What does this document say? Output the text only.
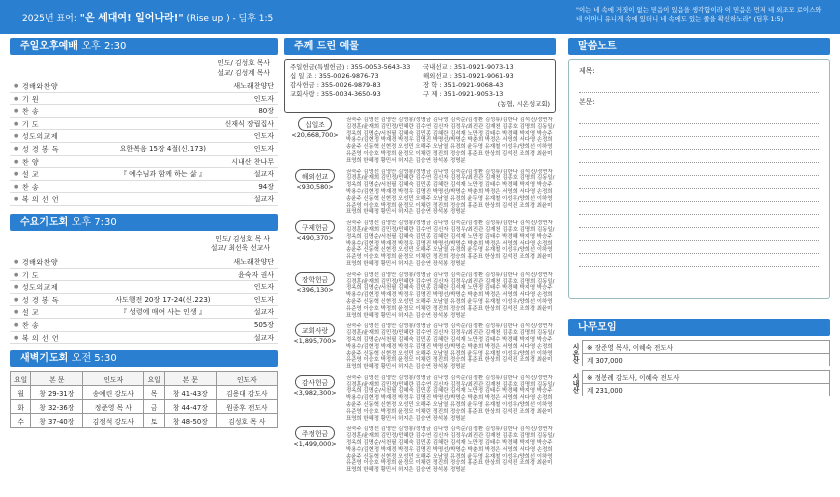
2025년 표어: "온 세대여! 일어나라!" (Rise up ) - 딤후 1:5
"이는 네 속에 거짓이 없는 믿음이 있음을 생각함이라 이 믿음은 먼저 네 외조모 로이스와 네 어머니 유니게 속에 있더니 네 속에도 있는 줄을 확신하노라" (딤후 1:5)
주일오후예배 오후 2:30
인도/ 김성호 목사
설교/ 김성계 목사
● 경배와찬양	새노래찬양단
● 기 원	인도자
● 찬 송	80장
● 기 도	신재식 장립집사
● 성도의교제	인도자
● 성 경 봉 독	요한복음 15장 4절(신.173)	인도자
● 찬 양	시내산 찬나무
● 설 교	『 예수님과 함께 하는 삶 』	설교자
● 찬 송	94장
● 복 의 선 언	설교자
수요기도회 오후 7:30
인도/ 김성호 목 사
설교/ 최선욱 선교사
● 경배와찬양	새노래찬양단
● 기 도	윤숙자 권사
● 성도의교제	인도자
● 성 경 봉 독	사도행전 20장 17-24(신.223)	인도자
● 설 교	『 성령에 매여 사는 인생 』	설교자
● 찬 송	505장
● 복 의 선 언	설교자
새벽기도회 오전 5:30
요일	본 문	인도자	요일	본 문	인도자
월	창 29-31장	송예린 강도사	목	창 41-43장	김용대 강도사
화	창 32-36장	정준영 목 사	금	창 44-47장	원종후 전도사
수	창 37-40장	김정석 강도사	토	창 48-50장	김성호 목 사
주께 드린 예물
주일헌금(특별헌금) : 355-0053-5643-33	국내선교 : 351-0921-9073-13
십 일 조 : 355-0026-9876-73	해외선교 : 351-0921-9061-93
감사헌금 : 355-0026-9879-83	장 학 : 351-0921-9068-43
교회사랑 : 355-0034-3650-93	구 제 : 351-0921-9053-13
(농협, 시온성교회)
십일조
<20,668,700>
권숙주 김영선 김영만 김영봉/정명금 김나영 김죽순/김정환 김성류/김한나 김석진/정연자 김경훈/윤재희 김민정/민혜란 김수연 김신자 김정우/최진관 김재천 김종호 김명희 김동일/정옥희 김명순/서천필 김혜숙 김민종 김혜란 김석재 노만정 김태수 박경혜 박지영 박승주 박용수/김현정 박재경 박정우 김명진 박명선/박명순 박춘희 박정은 서영희 서다영 손정희 송윤주 신동혁 신현정 오성민 오해주 오남열 유경희 윤두영 유재철 이성우/양희선 이하영 유준영 이승호 박정희 윤정모 이채린 정진희 정승희 홍준표 한상희 김석진 조희경 최윤미 표영희 한혜정 황민서 허지은 김승연 장석봉 정명분
해외선교
<930,580>
권숙주 김영선 김영만 김영봉/정명금 김나영 김죽순/김정환 김성류/김한나 김석진/정연자 김경훈/윤재희 김민정/민혜란 김수연 김신자 김정우/최진관 김재천 김종호 김명희 김동일/정옥희 김명순/서천필 김혜숙 김민종 김혜란 김석재 노만정 김태수 박경혜 박지영 박승주 박용수/김현정 박재경 박정우 김명진 박명선/박명순 박춘희 박정은 서영희 서다영 손정희 송윤주 신동혁 신현정 오성민 오해주 오남열 유경희 윤두영 유재철 이성우/양희선 이하영 유준영 이승호 박정희 윤정모 이채린 정진희 정승희 홍준표 한상희 김석진 조희경 최윤미 표영희 한혜정 황민서 허지은 김승연 장석봉 정명분
구제헌금
<490,370>
권숙주 김영선 김영만 김영봉/정명금 김나영 김죽순/김정환 김성류/김한나 김석진/정연자 김경훈/윤재희 김민정/민혜란 김수연 김신자 김정우/최진관 김재천 김종호 김명희 김동일/정옥희 김명순/서천필 김혜숙 김민종 김혜란 김석재 노만정 김태수 박경혜 박지영 박승주 박용수/김현정 박재경 박정우 김명진 박명선/박명순 박춘희 박정은 서영희 서다영 손정희 송윤주 신동혁 신현정 오성민 오해주 오남열 유경희 윤두영 유재철 이성우/양희선 이하영 유준영 이승호 박정희 윤정모 이채린 정진희 정승희 홍준표 한상희 김석진 조희경 최윤미 표영희 한혜정 황민서 허지은 김승연 장석봉 정명분
장학헌금
<396,130>
권숙주 김영선 김영만 김영봉/정명금 김나영 김죽순/김정환 김성류/김한나 김석진/정연자 김경훈/윤재희 김민정/민혜란 김수연 김신자 김정우/최진관 김재천 김종호 김명희 김동일/정옥희 김명순/서천필 김혜숙 김민종 김혜란 김석재 노만정 김태수 박경혜 박지영 박승주 박용수/김현정 박재경 박정우 김명진 박명선/박명순 박춘희 박정은 서영희 서다영 손정희 송윤주 신동혁 신현정 오성민 오해주 오남열 유경희 윤두영 유재철 이성우/양희선 이하영 유준영 이승호 박정희 윤정모 이채린 정진희 정승희 홍준표 한상희 김석진 조희경 최윤미 표영희 한혜정 황민서 허지은 김승연 장석봉 정명분
교회사랑
<1,895,700>
권숙주 김영선 김영만 김영봉/정명금 김나영 김죽순/김정환 김성류/김한나 김석진/정연자 김경훈/윤재희 김민정/민혜란 김수연 김신자 김정우/최진관 김재천 김종호 김명희 김동일/정옥희 김명순/서천필 김혜숙 김민종 김혜란 김석재 노만정 김태수 박경혜 박지영 박승주 박용수/김현정 박재경 박정우 김명진 박명선/박명순 박춘희 박정은 서영희 서다영 손정희 송윤주 신동혁 신현정 오성민 오해주 오남열 유경희 윤두영 유재철 이성우/양희선 이하영 유준영 이승호 박정희 윤정모 이채린 정진희 정승희 홍준표 한상희 김석진 조희경 최윤미 표영희 한혜정 황민서 허지은 김승연 장석봉 정명분
감사헌금
<3,982,300>
권숙주 김영선 김영만 김영봉/정명금 김나영 김죽순/김정환 김성류/김한나 김석진/정연자 김경훈/윤재희 김민정/민혜란 김수연 김신자 김정우/최진관 김재천 김종호 김명희 김동일/정옥희 김명순/서천필 김혜숙 김민종 김혜란 김석재 노만정 김태수 박경혜 박지영 박승주 박용수/김현정 박재경 박정우 김명진 박명선/박명순 박춘희 박정은 서영희 서다영 손정희 송윤주 신동혁 신현정 오성민 오해주 오남열 유경희 윤두영 유재철 이성우/양희선 이하영 유준영 이승호 박정희 윤정모 이채린 정진희 정승희 홍준표 한상희 김석진 조희경 최윤미 표영희 한혜정 황민서 허지은 김승연 장석봉 정명분
주정헌금
<1,499,000>
권숙주 김영선 김영만 김영봉/정명금 김나영 김죽순/김정환 김성류/김한나 김석진/정연자 김경훈/윤재희 김민정/민혜란 김수연 김신자 김정우/최진관 김재천 김종호 김명희 김동일/정옥희 김명순/서천필 김혜숙 김민종 김혜란 김석재 노만정 김태수 박경혜 박지영 박승주 박용수/김현정 박재경 박정우 김명진 박명선/박명순 박춘희 박정은 서영희 서다영 손정희 송윤주 신동혁 신현정 오성민 오해주 오남열 유경희 윤두영 유재철 이성우/양희선 이하영 유준영 이승호 박정희 윤정모 이채린 정진희 정승희 홍준표 한상희 김석진 조희경 최윤미 표영희 한혜정 황민서 허지은 김승연 장석봉 정명분
말씀노트
제목:
본문:
나무모임
시온산	※ 장준영 목사, 이혜숙 전도사
계 307,000
시내산	※ 정봉례 강도사, 이혜숙 전도사
계 231,000
